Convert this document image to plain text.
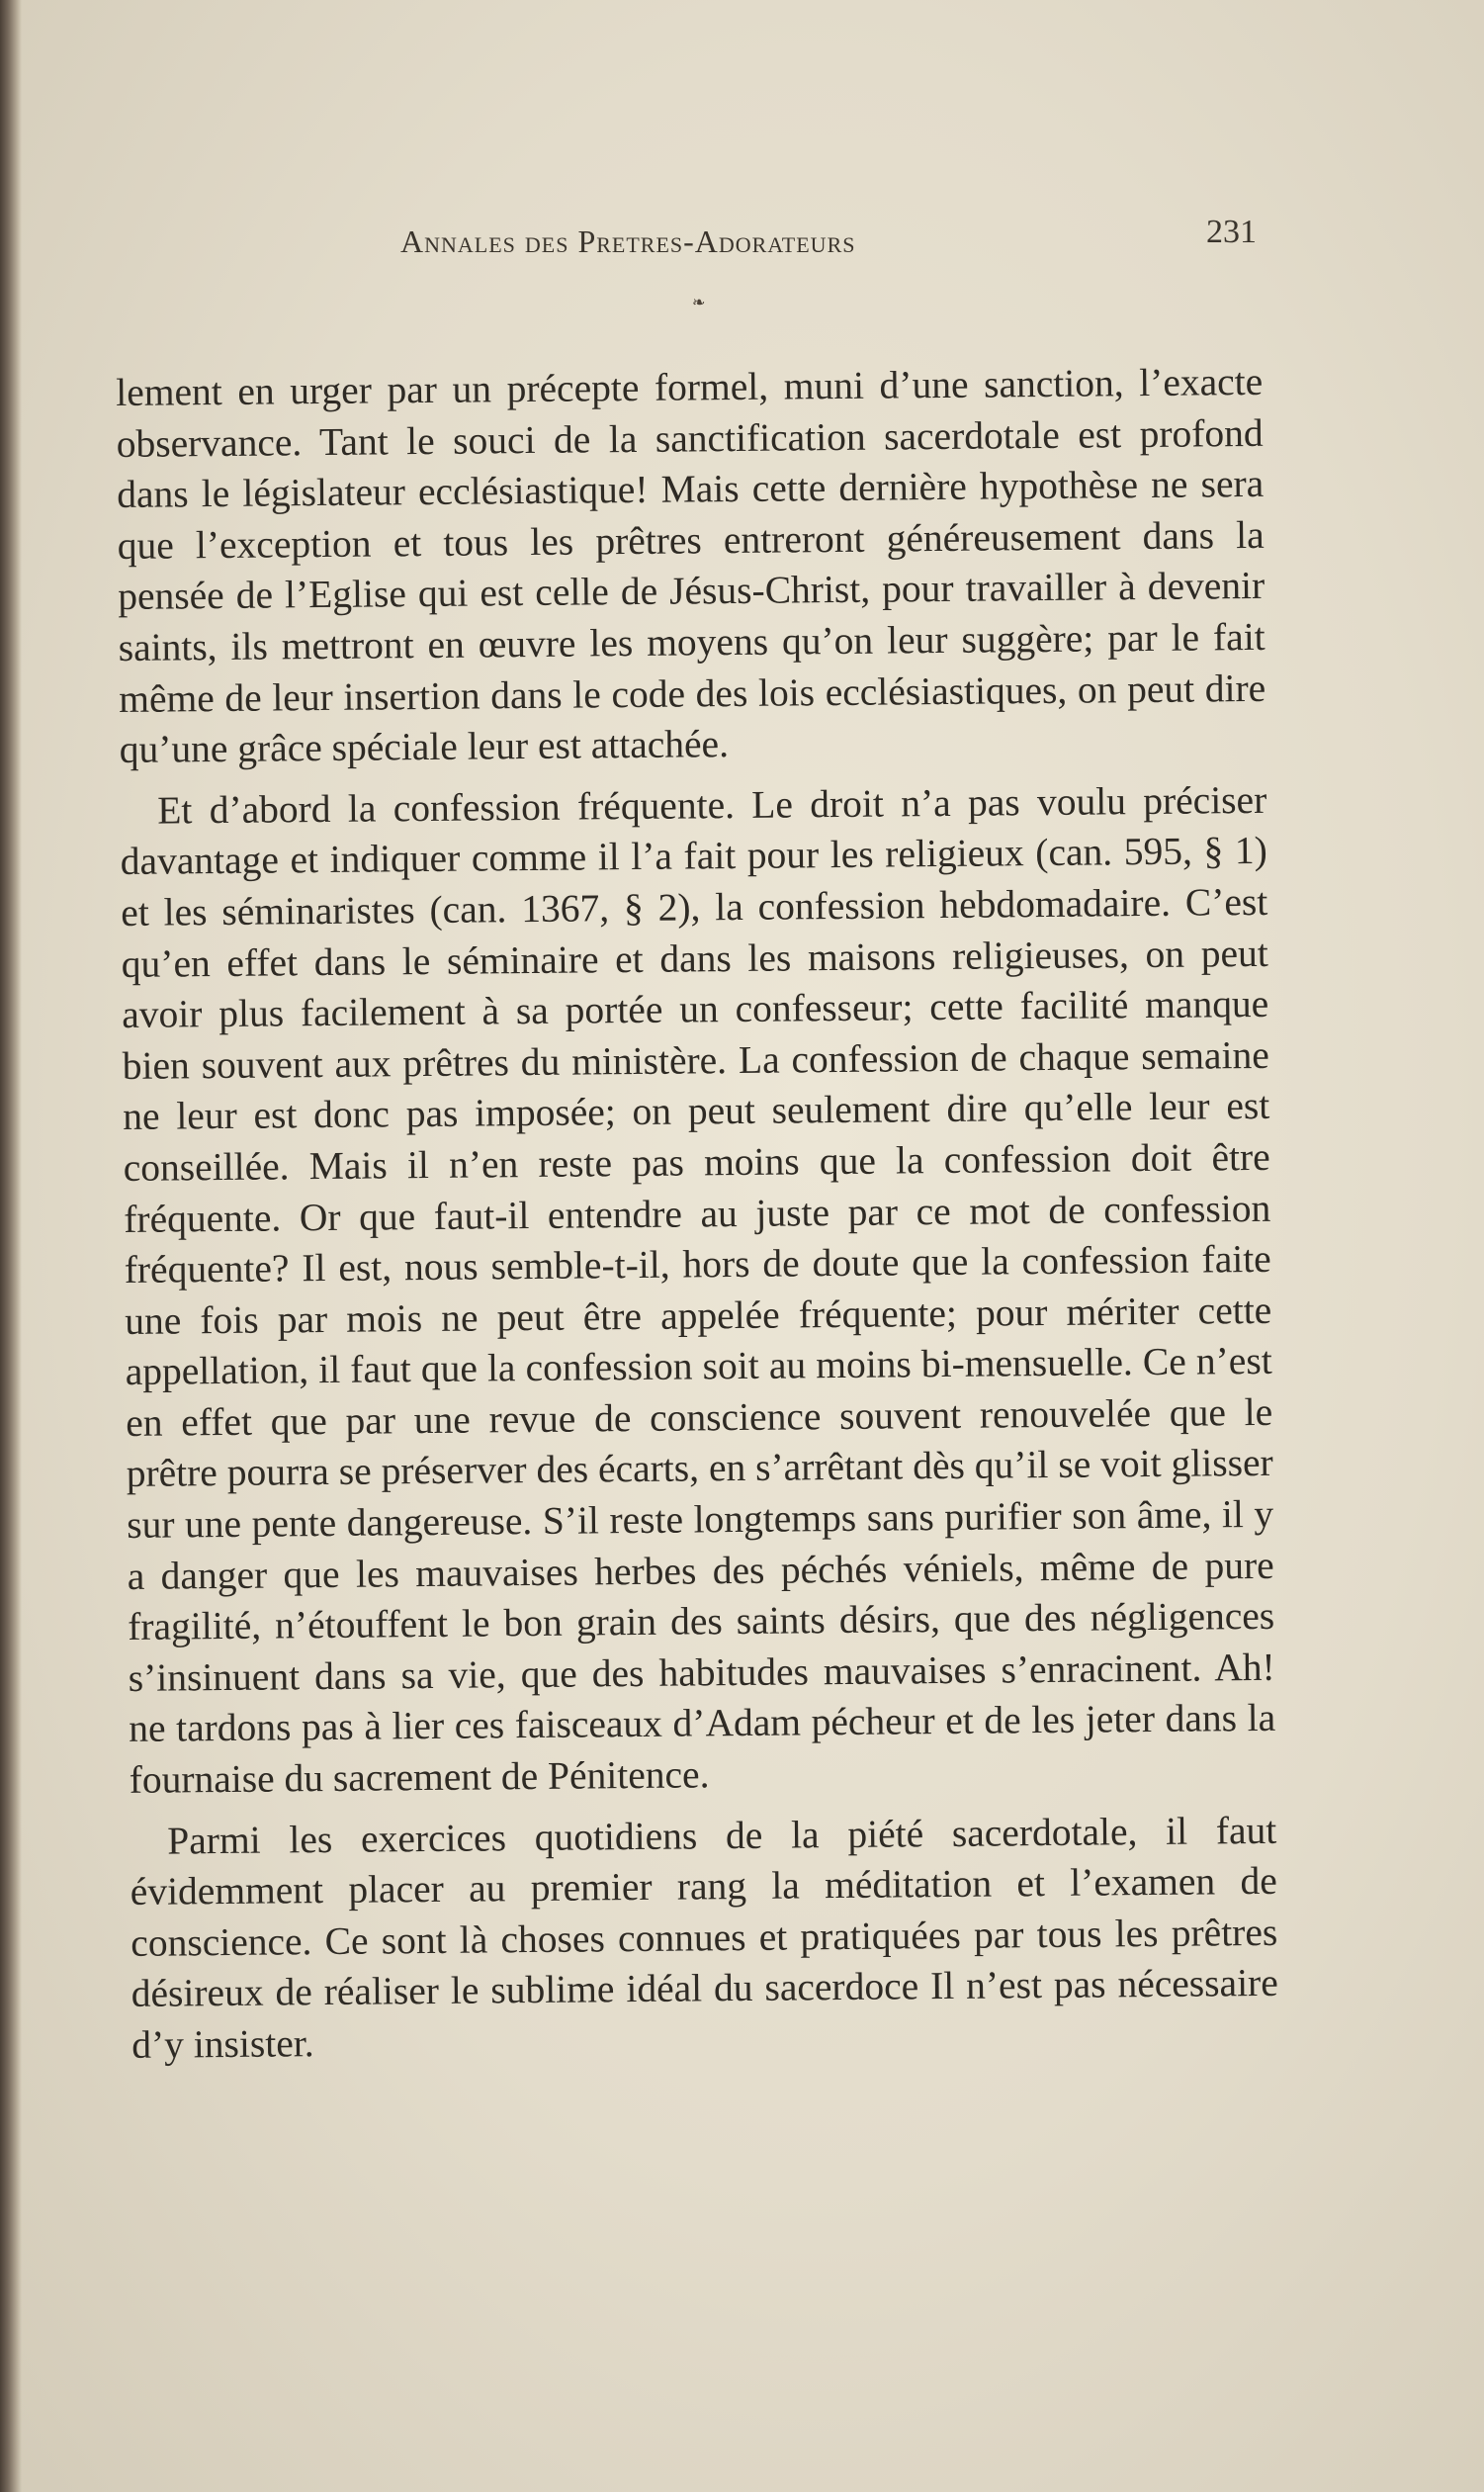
Annales des Pretres-Adorateurs	231
❧

lement en urger par un précepte formel, muni d’une sanction, l’exacte observance. Tant le souci de la sanctification sacerdotale est profond dans le législateur ecclésiastique! Mais cette dernière hypothèse ne sera que l’exception et tous les prêtres entreront généreusement dans la pensée de l’Eglise qui est celle de Jésus-Christ, pour travailler à devenir saints, ils mettront en œuvre les moyens qu’on leur suggère; par le fait même de leur insertion dans le code des lois ecclésiastiques, on peut dire qu’une grâce spéciale leur est attachée.

Et d’abord la confession fréquente. Le droit n’a pas voulu préciser davantage et indiquer comme il l’a fait pour les religieux (can. 595, § 1) et les séminaristes (can. 1367, § 2), la confession hebdomadaire. C’est qu’en effet dans le séminaire et dans les maisons religieuses, on peut avoir plus facilement à sa portée un confesseur; cette facilité manque bien souvent aux prêtres du ministère. La confession de chaque semaine ne leur est donc pas imposée; on peut seulement dire qu’elle leur est conseillée. Mais il n’en reste pas moins que la confession doit être fréquente. Or que faut-il entendre au juste par ce mot de confession fréquente? Il est, nous semble-t-il, hors de doute que la confession faite une fois par mois ne peut être appelée fréquente; pour mériter cette appellation, il faut que la confession soit au moins bi-mensuelle. Ce n’est en effet que par une revue de conscience souvent renouvelée que le prêtre pourra se préserver des écarts, en s’arrêtant dès qu’il se voit glisser sur une pente dangereuse. S’il reste longtemps sans purifier son âme, il y a danger que les mauvaises herbes des péchés véniels, même de pure fragilité, n’étouffent le bon grain des saints désirs, que des négligences s’insinuent dans sa vie, que des habitudes mauvaises s’enracinent. Ah! ne tardons pas à lier ces faisceaux d’Adam pécheur et de les jeter dans la fournaise du sacrement de Pénitence.

Parmi les exercices quotidiens de la piété sacerdotale, il faut évidemment placer au premier rang la méditation et l’examen de conscience. Ce sont là choses connues et pratiquées par tous les prêtres désireux de réaliser le sublime idéal du sacerdoce Il n’est pas nécessaire d’y insister.
